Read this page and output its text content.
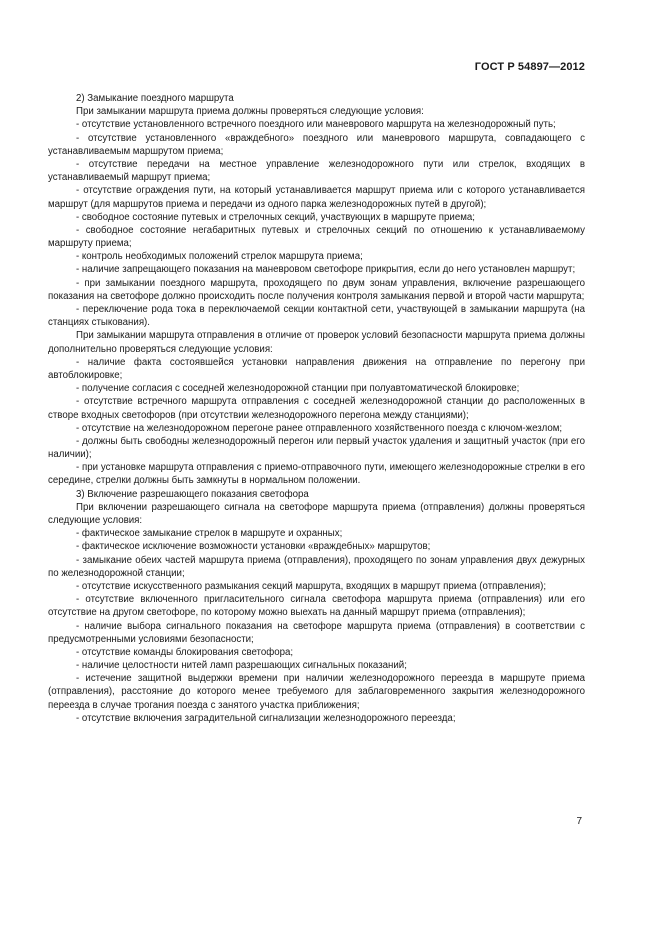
ГОСТ Р 54897—2012

2) Замыкание поездного маршрута

При замыкании маршрута приема должны проверяться следующие условия:

- отсутствие установленного встречного поездного или маневрового маршрута на железнодорожный путь;

- отсутствие установленного «враждебного» поездного или маневрового маршрута, совпадающего с устанавливаемым маршрутом приема;

- отсутствие передачи на местное управление железнодорожного пути или стрелок, входящих в устанавливаемый маршрут приема;

- отсутствие ограждения пути, на который устанавливается маршрут приема или с которого устанавливается маршрут (для маршрутов приема и передачи из одного парка железнодорожных путей в другой);

- свободное состояние путевых и стрелочных секций, участвующих в маршруте приема;

- свободное состояние негабаритных путевых и стрелочных секций по отношению к устанавливаемому маршруту приема;

- контроль необходимых положений стрелок маршрута приема;

- наличие запрещающего показания на маневровом светофоре прикрытия, если до него установлен маршрут;

- при замыкании поездного маршрута, проходящего по двум зонам управления, включение разрешающего показания на светофоре должно происходить после получения контроля замыкания первой и второй части маршрута;

- переключение рода тока в переключаемой секции контактной сети, участвующей в замыкании маршрута (на станциях стыкования).

При замыкании маршрута отправления в отличие от проверок условий безопасности маршрута приема должны дополнительно проверяться следующие условия:

- наличие факта состоявшейся установки направления движения на отправление по перегону при автоблокировке;

- получение согласия с соседней железнодорожной станции при полуавтоматической блокировке;

- отсутствие встречного маршрута отправления с соседней железнодорожной станции до расположенных в створе входных светофоров (при отсутствии железнодорожного перегона между станциями);

- отсутствие на железнодорожном перегоне ранее отправленного хозяйственного поезда с ключом-жезлом;

- должны быть свободны железнодорожный перегон или первый участок удаления и защитный участок (при его наличии);

- при установке маршрута отправления с приемо-отправочного пути, имеющего железнодорожные стрелки в его середине, стрелки должны быть замкнуты в нормальном положении.

3) Включение разрешающего показания светофора

При включении разрешающего сигнала на светофоре маршрута приема (отправления) должны проверяться следующие условия:

- фактическое замыкание стрелок в маршруте и охранных;

- фактическое исключение возможности установки «враждебных» маршрутов;

- замыкание обеих частей маршрута приема (отправления), проходящего по зонам управления двух дежурных по железнодорожной станции;

- отсутствие искусственного размыкания секций маршрута, входящих в маршрут приема (отправления);

- отсутствие включенного пригласительного сигнала светофора маршрута приема (отправления) или его отсутствие на другом светофоре, по которому можно выехать на данный маршрут приема (отправления);

- наличие выбора сигнального показания на светофоре маршрута приема (отправления) в соответствии с предусмотренными условиями безопасности;

- отсутствие команды блокирования светофора;

- наличие целостности нитей ламп разрешающих сигнальных показаний;

- истечение защитной выдержки времени при наличии железнодорожного переезда в маршруте приема (отправления), расстояние до которого менее требуемого для заблаговременного закрытия железнодорожного переезда в случае трогания поезда с занятого участка приближения;

- отсутствие включения заградительной сигнализации железнодорожного переезда;

7
